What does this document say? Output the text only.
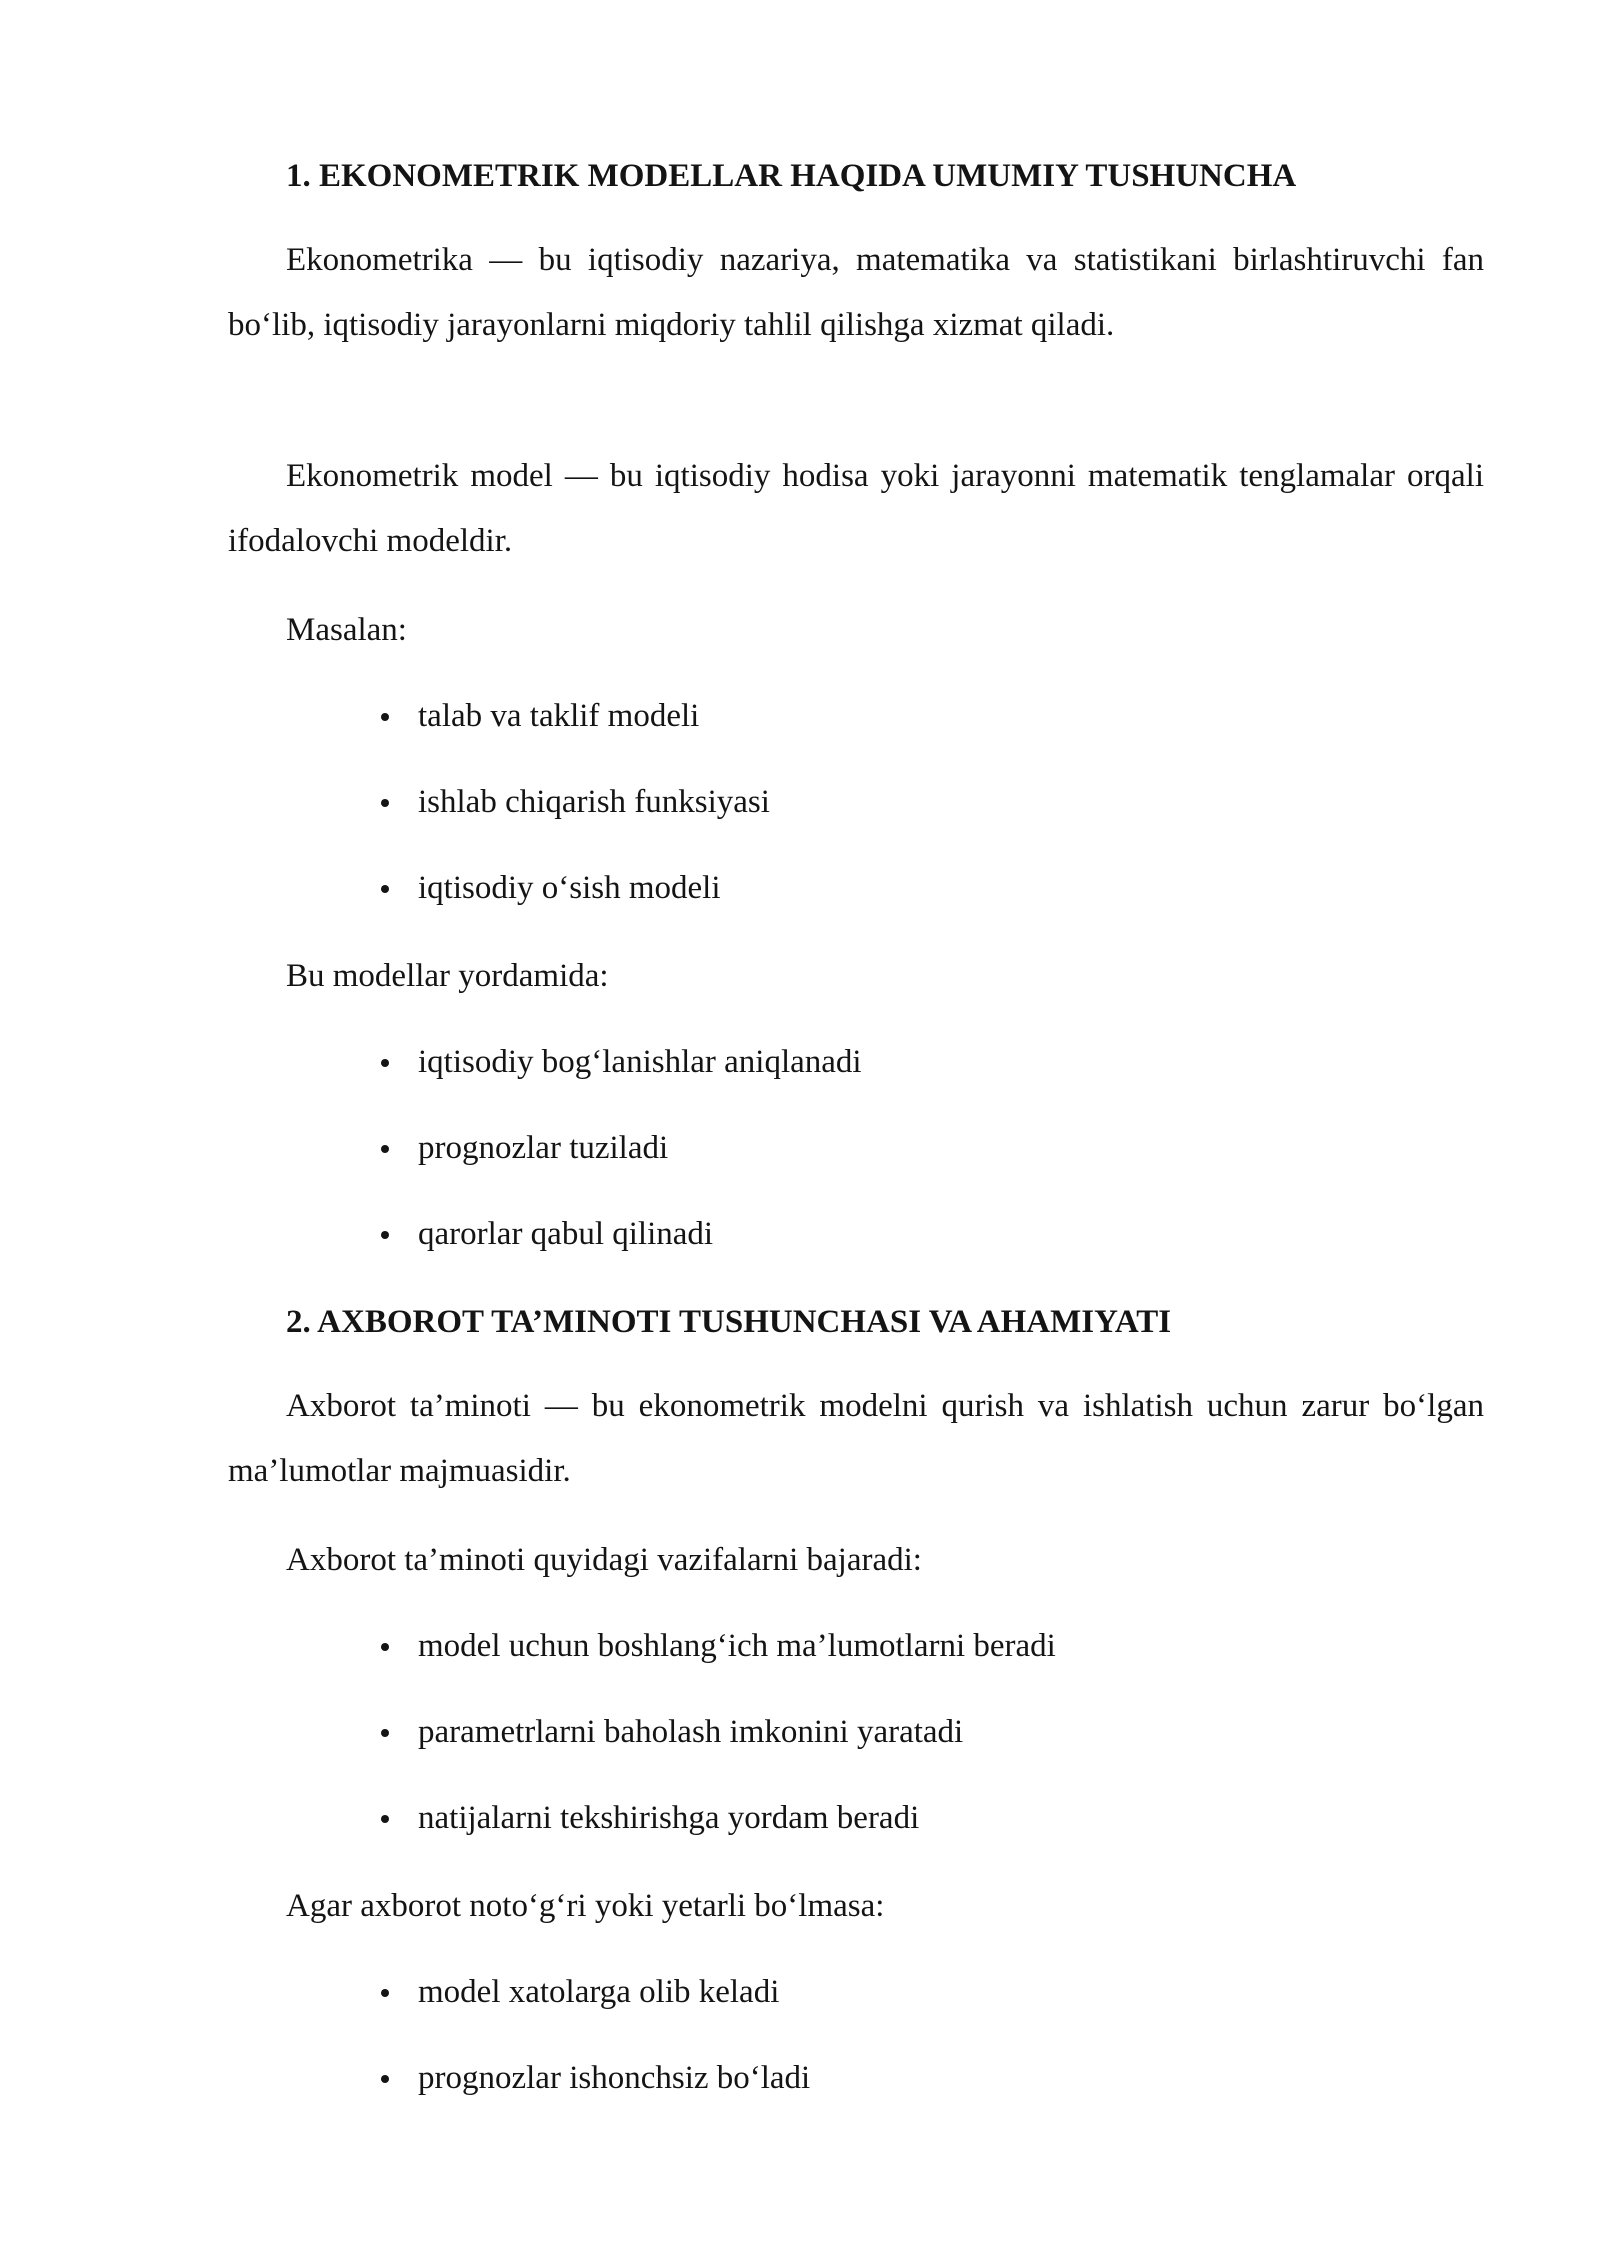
1. EKONOMETRIK MODELLAR HAQIDA UMUMIY TUSHUNCHA

Ekonometrika — bu iqtisodiy nazariya, matematika va statistikani birlashtiruvchi fan bo‘lib, iqtisodiy jarayonlarni miqdoriy tahlil qilishga xizmat qiladi.

Ekonometrik model — bu iqtisodiy hodisa yoki jarayonni matematik tenglamalar orqali ifodalovchi modeldir.

Masalan:

talab va taklif modeli
ishlab chiqarish funksiyasi
iqtisodiy o‘sish modeli

Bu modellar yordamida:

iqtisodiy bog‘lanishlar aniqlanadi
prognozlar tuziladi
qarorlar qabul qilinadi
2. AXBOROT TA’MINOTI TUSHUNCHASI VA AHAMIYATI

Axborot ta’minoti — bu ekonometrik modelni qurish va ishlatish uchun zarur bo‘lgan ma’lumotlar majmuasidir.

Axborot ta’minoti quyidagi vazifalarni bajaradi:

model uchun boshlang‘ich ma’lumotlarni beradi
parametrlarni baholash imkonini yaratadi
natijalarni tekshirishga yordam beradi

Agar axborot noto‘g‘ri yoki yetarli bo‘lmasa:

model xatolarga olib keladi
prognozlar ishonchsiz bo‘ladi
